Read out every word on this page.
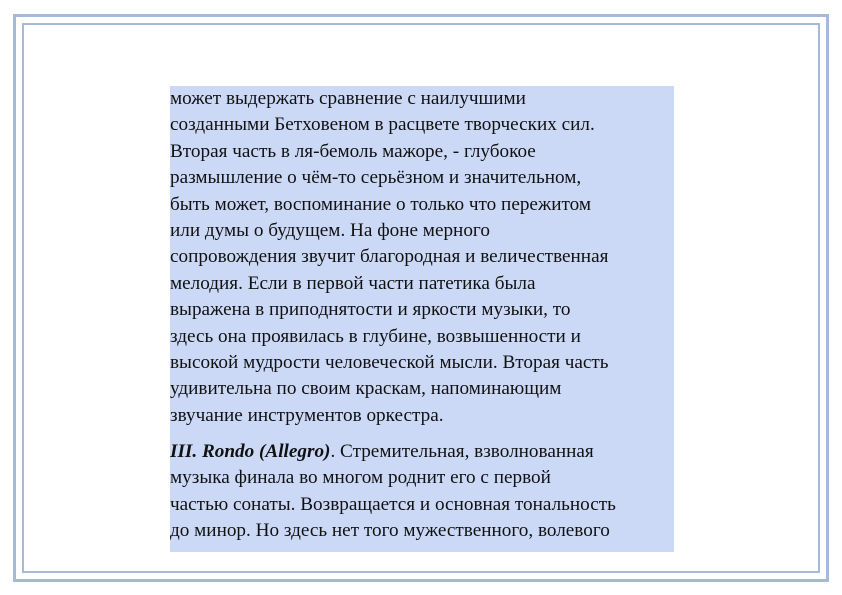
может выдержать сравнение с наилучшими
созданными Бетховеном в расцвете творческих сил.
Вторая часть в ля-бемоль мажоре, - глубокое
размышление о чём-то серьёзном и значительном,
быть может, воспоминание о только что пережитом
или думы о будущем. На фоне мерного
сопровождения звучит благородная и величественная
мелодия. Если в первой части патетика была
выражена в приподнятости и яркости музыки, то
здесь она проявилась в глубине, возвышенности и
высокой мудрости человеческой мысли. Вторая часть
удивительна по своим краскам, напоминающим
звучание инструментов оркестра.
III. Rondo (Allegro). Стремительная, взволнованная
музыка финала во многом роднит его с первой
частью сонаты. Возвращается и основная тональность
до минор. Но здесь нет того мужественного, волевого
